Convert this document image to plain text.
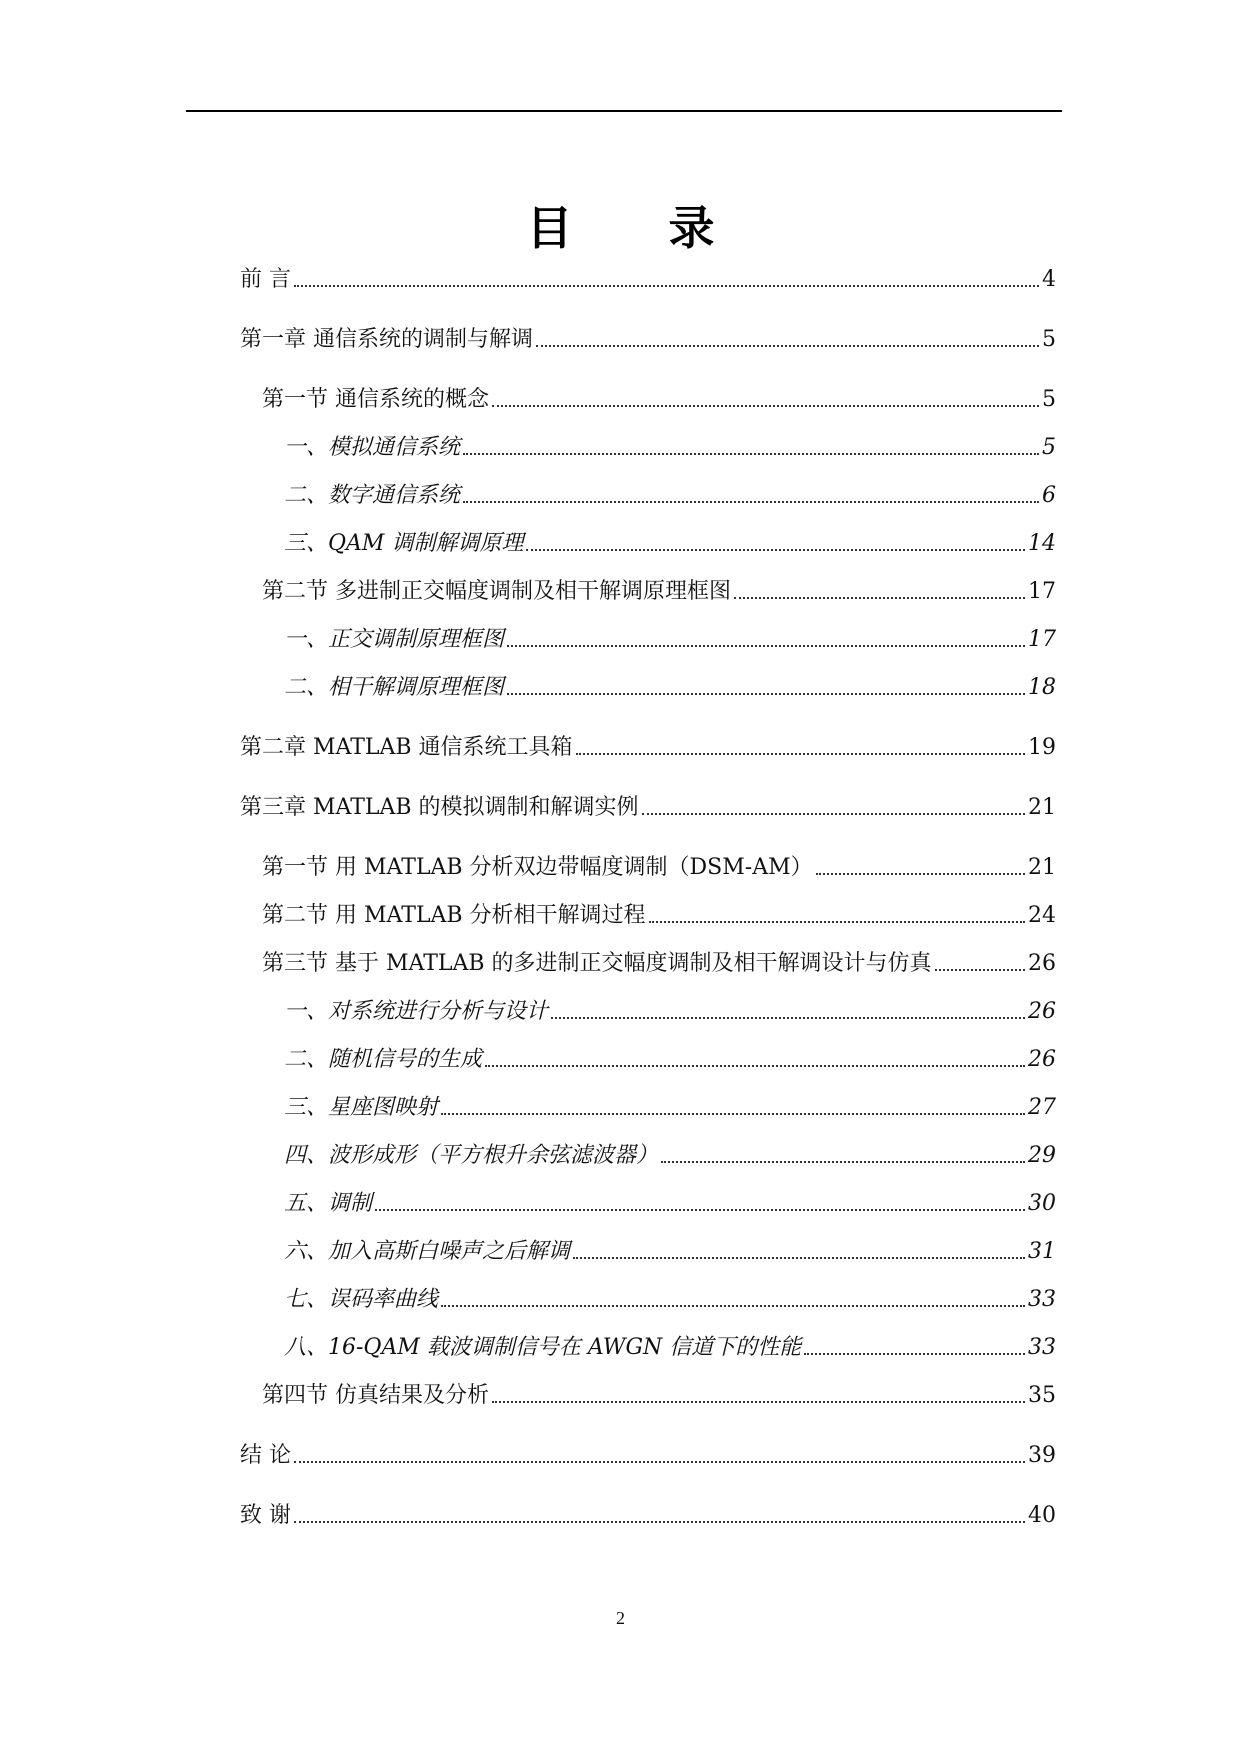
目 录
前 言	4
第一章 通信系统的调制与解调	5
第一节 通信系统的概念	5
一、模拟通信系统	5
二、数字通信系统	6
三、QAM 调制解调原理	14
第二节 多进制正交幅度调制及相干解调原理框图	17
一、正交调制原理框图	17
二、相干解调原理框图	18
第二章 MATLAB 通信系统工具箱	19
第三章 MATLAB 的模拟调制和解调实例	21
第一节 用 MATLAB 分析双边带幅度调制（DSM-AM）	21
第二节 用 MATLAB 分析相干解调过程	24
第三节 基于 MATLAB 的多进制正交幅度调制及相干解调设计与仿真	26
一、对系统进行分析与设计	26
二、随机信号的生成	26
三、星座图映射	27
四、波形成形（平方根升余弦滤波器）	29
五、调制	30
六、加入高斯白噪声之后解调	31
七、误码率曲线	33
八、16-QAM 载波调制信号在 AWGN 信道下的性能	33
第四节 仿真结果及分析	35
结 论	39
致 谢	40
2
